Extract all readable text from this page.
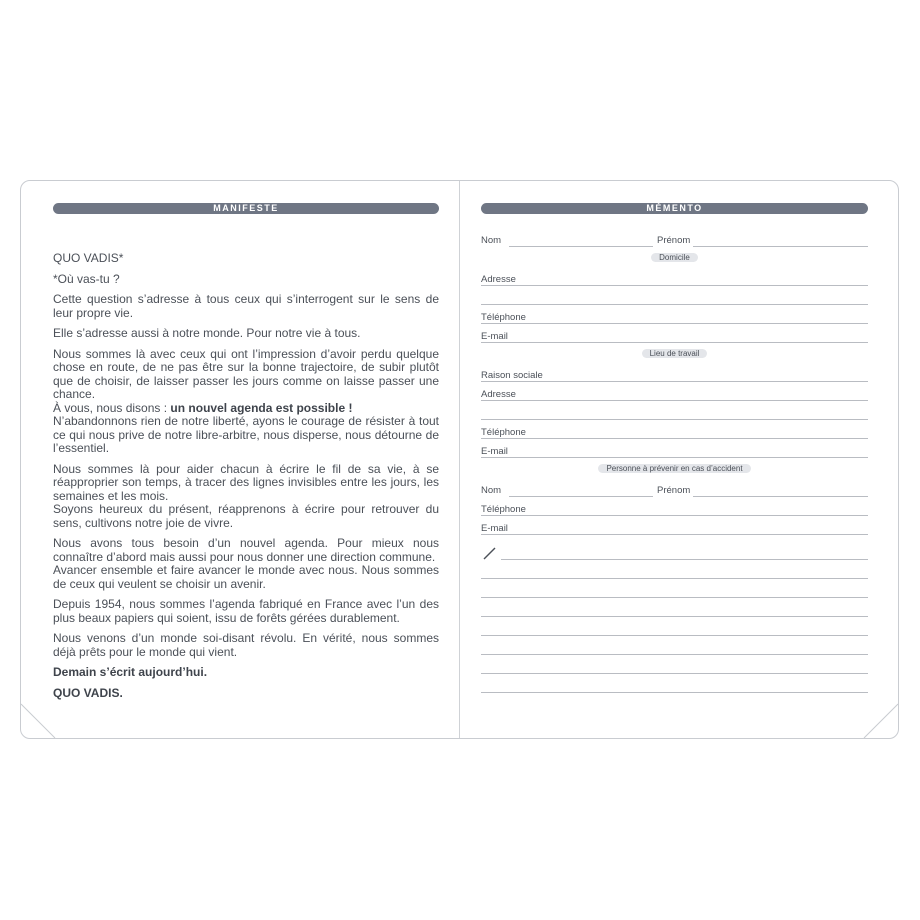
MANIFESTE

QUO VADIS*

*Où vas-tu ?

Cette question s’adresse à tous ceux qui s’interrogent sur le sens de leur propre vie.

Elle s’adresse aussi à notre monde. Pour notre vie à tous.

Nous sommes là avec ceux qui ont l’impression d’avoir perdu quelque chose en route, de ne pas être sur la bonne trajectoire, de subir plutôt que de choisir, de laisser passer les jours comme on laisse passer une chance.

À vous, nous disons : un nouvel agenda est possible !

N’abandonnons rien de notre liberté, ayons le courage de résister à tout ce qui nous prive de notre libre-arbitre, nous disperse, nous détourne de l’essentiel.

Nous sommes là pour aider chacun à écrire le fil de sa vie, à se réapproprier son temps, à tracer des lignes invisibles entre les jours, les semaines et les mois.

Soyons heureux du présent, réapprenons à écrire pour retrouver du sens, cultivons notre joie de vivre.

Nous avons tous besoin d’un nouvel agenda. Pour mieux nous connaître d’abord mais aussi pour nous donner une direction commune.

Avancer ensemble et faire avancer le monde avec nous. Nous sommes de ceux qui veulent se choisir un avenir.

Depuis 1954, nous sommes l’agenda fabriqué en France avec l’un des plus beaux papiers qui soient, issu de forêts gérées durablement.

Nous venons d’un monde soi-disant révolu. En vérité, nous sommes déjà prêts pour le monde qui vient.

Demain s’écrit aujourd’hui.

QUO VADIS.

MÉMENTO
Nom	Prénom
Domicile
Adresse
Téléphone
E-mail
Lieu de travail
Raison sociale
Adresse
Téléphone
E-mail
Personne à prévenir en cas d’accident
Nom	Prénom
Téléphone
E-mail
